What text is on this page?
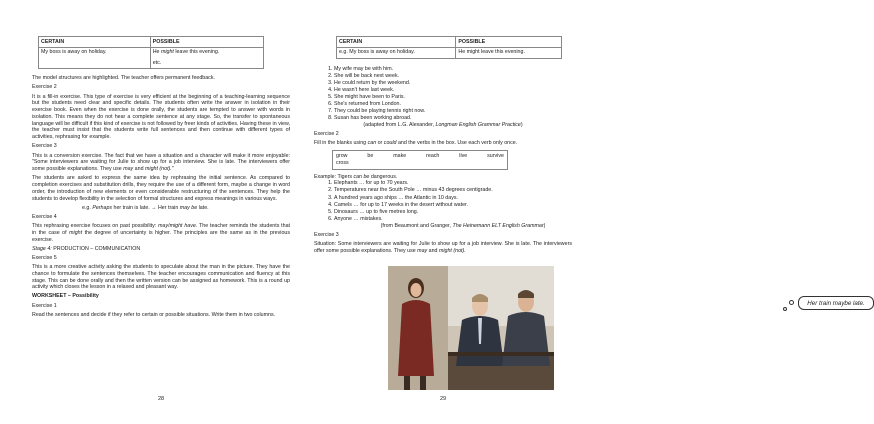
CERTAIN	POSSIBLE
My boss is away on holiday.	He might leave this evening.
etc.

The model structures are highlighted. The teacher offers permanent feedback.

Exercise 2

It is a fill-in exercise. This type of exercise is very efficient at the beginning of a teaching-learning sequence but the students need clear and specific details. The students often write the answer in isolation in their exercise book. Even when the exercise is done orally, the students are tempted to answer with words in isolation. This means they do not hear a complete sentence at any stage. So, the transfer to spontaneous language will be difficult if this kind of exercise is not followed by freer kinds of activities. Having these in view, the teacher must insist that the students write full sentences and then continue with different types of activities, rephrasing for example.

Exercise 3

This is a conversion exercise. The fact that we have a situation and a character will make it more enjoyable: "Some interviewers are waiting for Julie to show up for a job interview. She is late. The interviewers offer some possible explanations. They use may and might (not)."

The students are asked to express the same idea by rephrasing the initial sentence. As compared to completion exercises and substitution drills, they require the use of a different form, maybe a change in word order, the introduction of new elements or even considerable restructuring of the sentences. They help the students to develop flexibility in the selection of formal structures and express meanings in various ways.

e.g. Perhaps her train is late. → Her train may be late.

Exercise 4

This rephrasing exercise focuses on past possibility: may/might have. The teacher reminds the students that in the case of might the degree of uncertainty is higher. The principles are the same as in the previous exercise.

Stage 4: PRODUCTION – COMMUNICATION
Exercise 5

This is a more creative activity asking the students to speculate about the man in the picture. They have the chance to formulate the sentences themselves. The teacher encourages communication and fluency at this stage. This can be done orally and then the written version can be assigned as homework. This is a round up activity which closes the lesson in a relaxed and pleasant way.

WORKSHEET – Possibility
Exercise 1

Read the sentences and decide if they refer to certain or possible situations. Write them in two columns.

28
CERTAIN	POSSIBLE
e.g. My boss is away on holiday.	He might leave this evening.
1. My wife may be with him.
2. She will be back next week.
3. He could return by the weekend.
4. He wasn't here last week.
5. She might have been to Paris.
6. She's returned from London.
7. They could be playing tennis right now.
8. Susan has been working abroad.
(adapted from L.G. Alexander, Longman English Grammar Practice)
Exercise 2

Fill in the blanks using can or could and the verbs in the box. Use each verb only once.

grow	be	make	reach	live	survive
cross
Example: Tigers can be dangerous.
1. Elephants … for up to 70 years.
2. Temperatures near the South Pole … minus 43 degrees centigrade.
3. A hundred years ago ships … the Atlantic in 10 days.
4. Camels … for up to 17 weeks in the desert without water.
5. Dinosaurs … up to five metres long.
6. Anyone … mistakes.
(from Beaumont and Granger, The Heinemann ELT English Grammar)
Exercise 3

Situation: Some interviewers are waiting for Julie to show up for a job interview. She is late. The interviewers offer some possible explanations. They use may and might (not).

Her train maybe late.
29
